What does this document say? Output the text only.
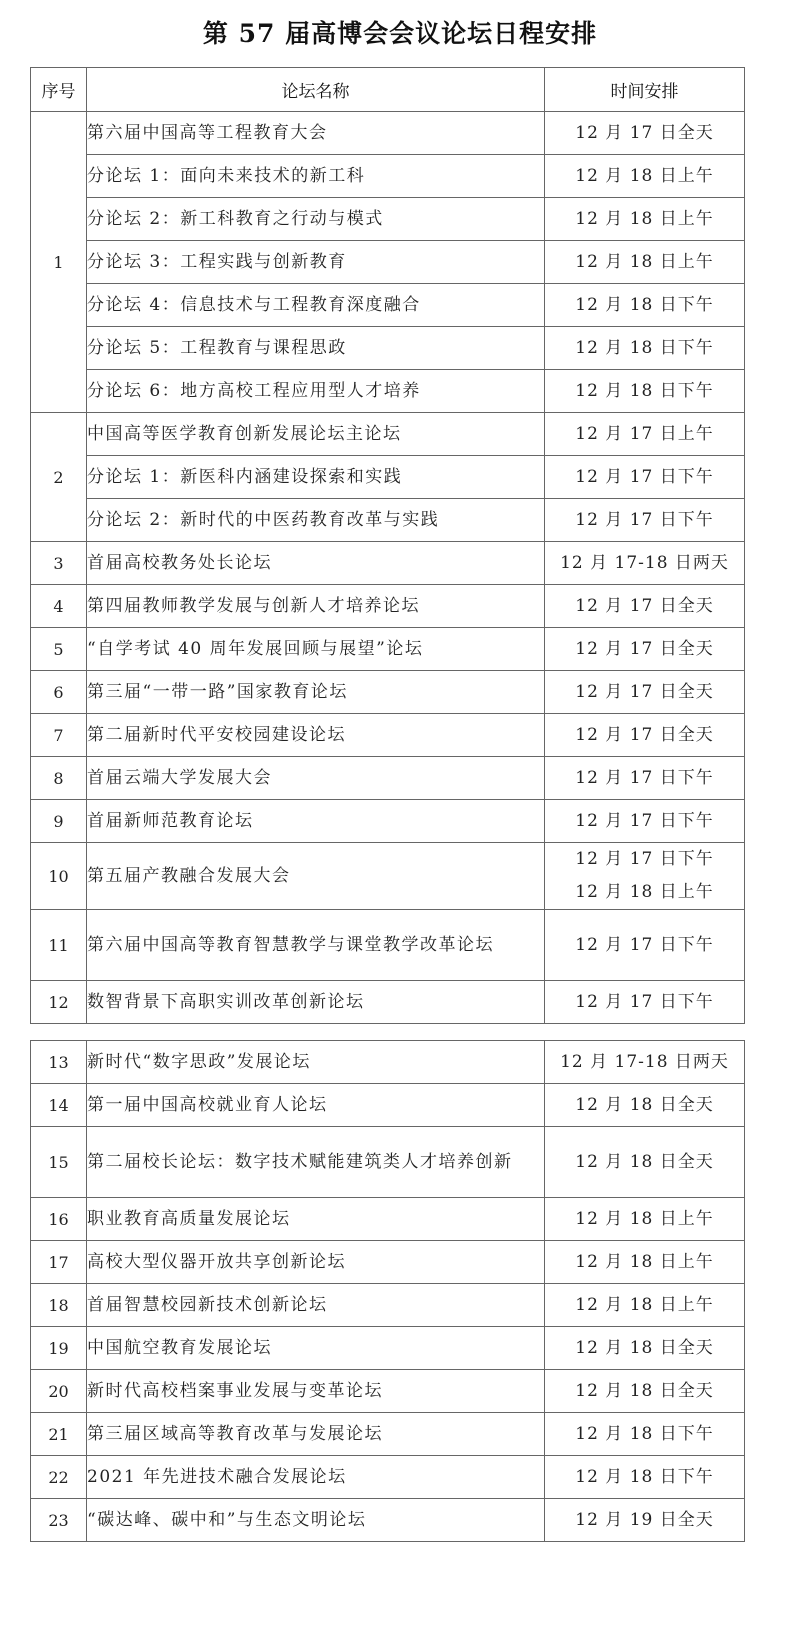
第 57 届高博会会议论坛日程安排
序号	论坛名称	时间安排
1	第六届中国高等工程教育大会	12 月 17 日全天

	分论坛 1：面向未来技术的新工科	12 月 18 日上午

	分论坛 2：新工科教育之行动与模式	12 月 18 日上午

	分论坛 3：工程实践与创新教育	12 月 18 日上午

	分论坛 4：信息技术与工程教育深度融合	12 月 18 日下午

	分论坛 5：工程教育与课程思政	12 月 18 日下午

	分论坛 6：地方高校工程应用型人才培养	12 月 18 日下午

2	中国高等医学教育创新发展论坛主论坛	12 月 17 日上午

	分论坛 1：新医科内涵建设探索和实践	12 月 17 日下午

	分论坛 2：新时代的中医药教育改革与实践	12 月 17 日下午

3	首届高校教务处长论坛	12 月 17-18 日两天

4	第四届教师教学发展与创新人才培养论坛	12 月 17 日全天

5	“自学考试 40 周年发展回顾与展望”论坛	12 月 17 日全天

6	第三届“一带一路”国家教育论坛	12 月 17 日全天

7	第二届新时代平安校园建设论坛	12 月 17 日全天

8	首届云端大学发展大会	12 月 17 日下午

9	首届新师范教育论坛	12 月 17 日下午

10	第五届产教融合发展大会	12 月 17 日下午
12 月 18 日上午

11	第六届中国高等教育智慧教学与课堂教学改革论坛	12 月 17 日下午

12	数智背景下高职实训改革创新论坛	12 月 17 日下午
13	新时代“数字思政”发展论坛	12 月 17-18 日两天

14	第一届中国高校就业育人论坛	12 月 18 日全天

15	第二届校长论坛：数字技术赋能建筑类人才培养创新	12 月 18 日全天

16	职业教育高质量发展论坛	12 月 18 日上午

17	高校大型仪器开放共享创新论坛	12 月 18 日上午

18	首届智慧校园新技术创新论坛	12 月 18 日上午

19	中国航空教育发展论坛	12 月 18 日全天

20	新时代高校档案事业发展与变革论坛	12 月 18 日全天

21	第三届区域高等教育改革与发展论坛	12 月 18 日下午

22	2021 年先进技术融合发展论坛	12 月 18 日下午

23	“碳达峰、碳中和”与生态文明论坛	12 月 19 日全天
